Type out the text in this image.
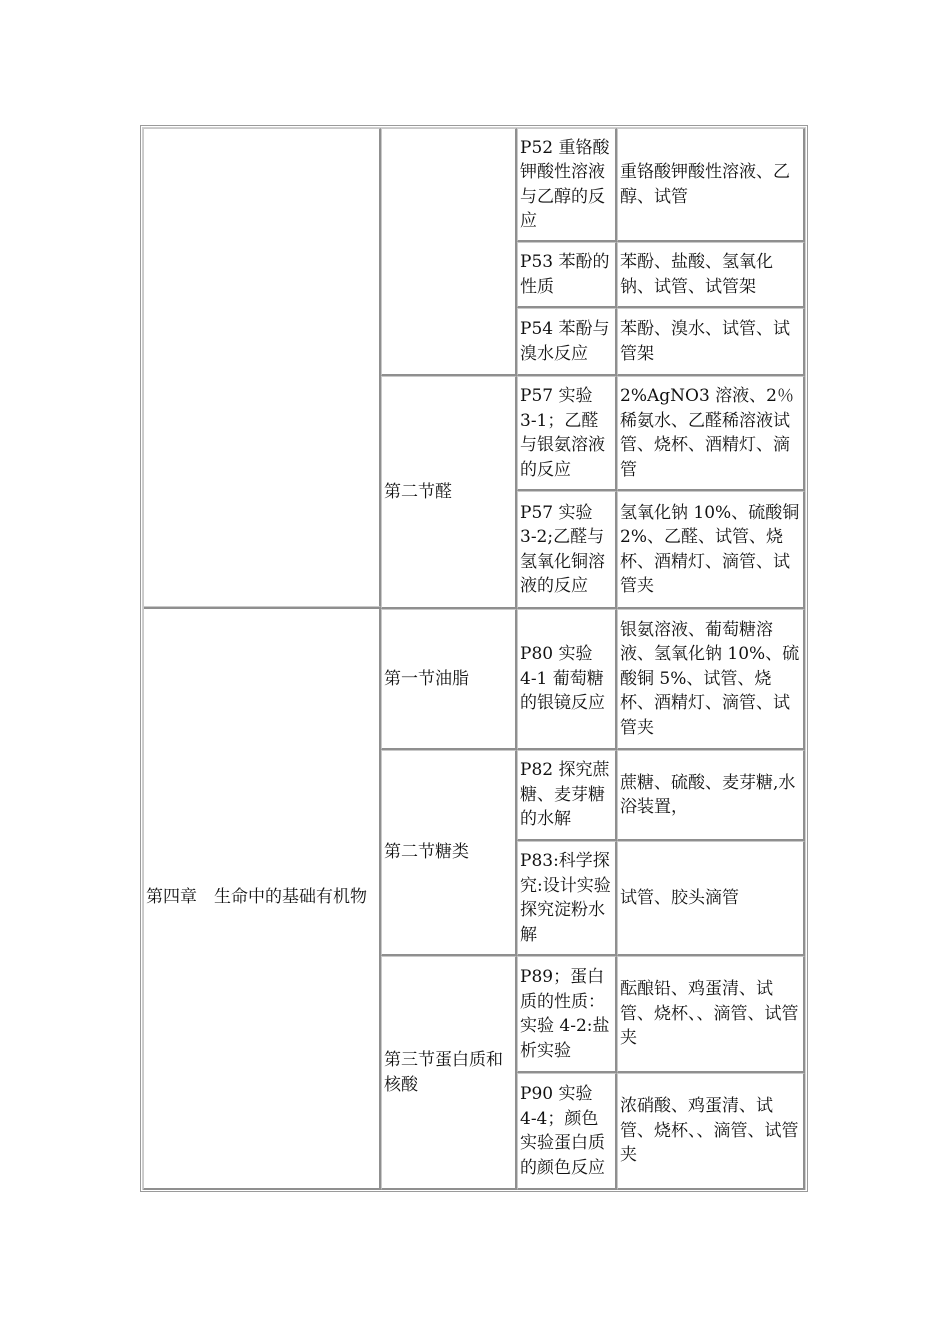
第四章　生命中的基础有机物
第二节醛
第一节油脂
第二节糖类
第三节蛋白质和核酸
P52 重铬酸钾酸性溶液与乙醇的反应
重铬酸钾酸性溶液、乙醇、试管
P53 苯酚的性质
苯酚、盐酸、氢氧化钠、试管、试管架
P54 苯酚与溴水反应
苯酚、溴水、试管、试管架
P57 实验 3-1；乙醛与银氨溶液的反应
2%AgNO3 溶液、2％稀氨水、乙醛稀溶液试管、烧杯、酒精灯、滴管
P57 实验 3-2;乙醛与氢氧化铜溶液的反应
氢氧化钠 10%、硫酸铜 2%、乙醛、试管、烧杯、酒精灯、滴管、试管夹
P80 实验 4-1 葡萄糖的银镜反应
银氨溶液、葡萄糖溶液、氢氧化钠 10%、硫酸铜 5%、试管、烧杯、酒精灯、滴管、试管夹
P82 探究蔗糖、麦芽糖的水解
蔗糖、硫酸、麦芽糖,水浴装置，
P83:科学探究:设计实验探究淀粉水解
试管、胶头滴管
P89；蛋白质的性质：实验 4-2:盐析实验
酝酿铅、鸡蛋清、试管、烧杯、、滴管、试管夹
P90 实验 4-4；颜色实验蛋白质的颜色反应
浓硝酸、鸡蛋清、试管、烧杯、、滴管、试管夹
